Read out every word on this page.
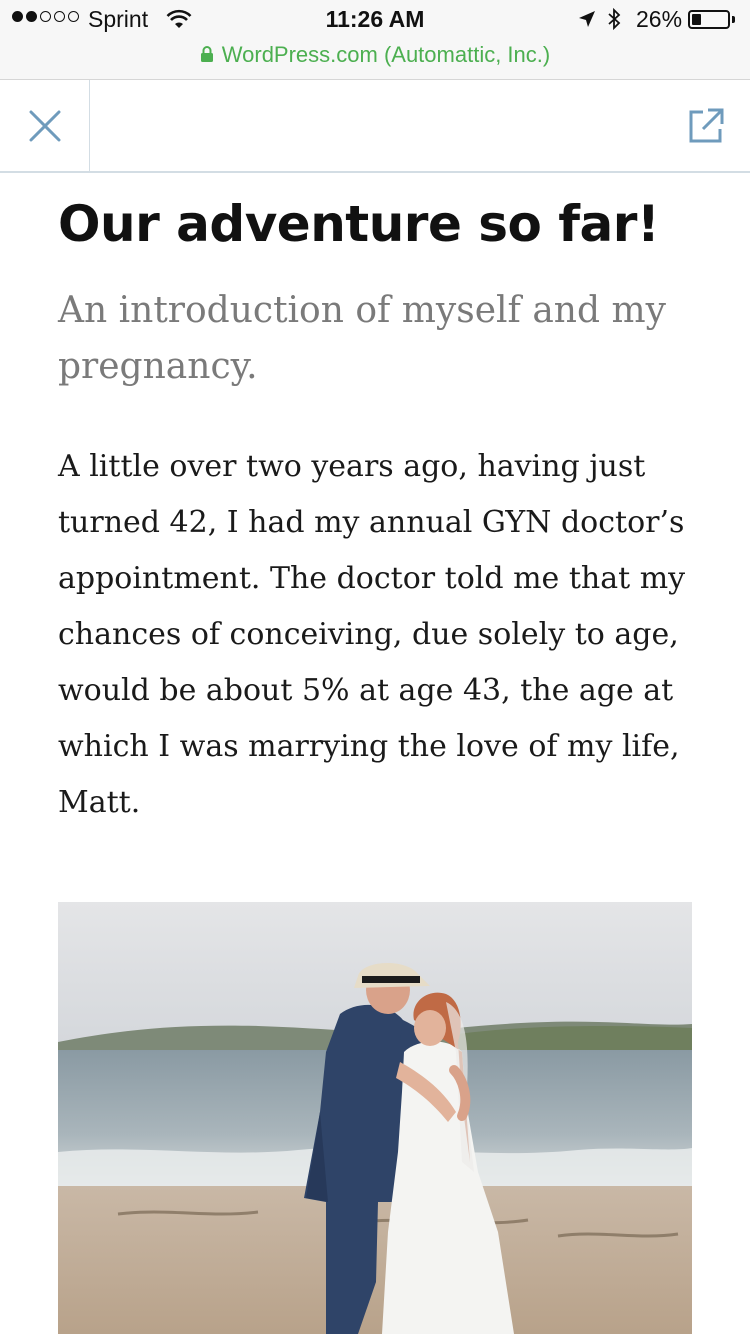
Sprint	11:26 AM	26%
WordPress.com (Automattic, Inc.)
Our adventure so far!

An introduction of myself and my pregnancy.

A little over two years ago, having just turned 42, I had my annual GYN doctor’s appointment. The doctor told me that my chances of conceiving, due solely to age, would be about 5% at age 43, the age at which I was marrying the love of my life, Matt.
